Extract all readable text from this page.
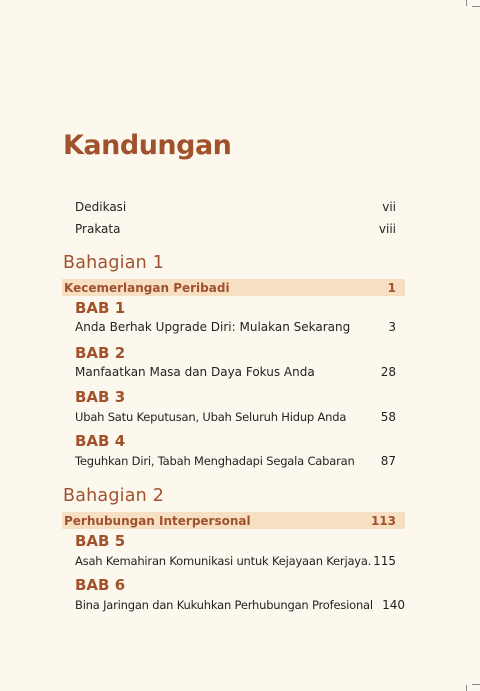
Kandungan
Dedikasi	vii
Prakata	viii
Bahagian 1
Kecemerlangan Peribadi	1
BAB 1
Anda Berhak Upgrade Diri: Mulakan Sekarang	3
BAB 2
Manfaatkan Masa dan Daya Fokus Anda	28
BAB 3
Ubah Satu Keputusan, Ubah Seluruh Hidup Anda	58
BAB 4
Teguhkan Diri, Tabah Menghadapi Segala Cabaran 87
Bahagian 2
Perhubungan Interpersonal	113
BAB 5
Asah Kemahiran Komunikasi untuk Kejayaan Kerjaya. 115
BAB 6
Bina Jaringan dan Kukuhkan Perhubungan Profesional 140
